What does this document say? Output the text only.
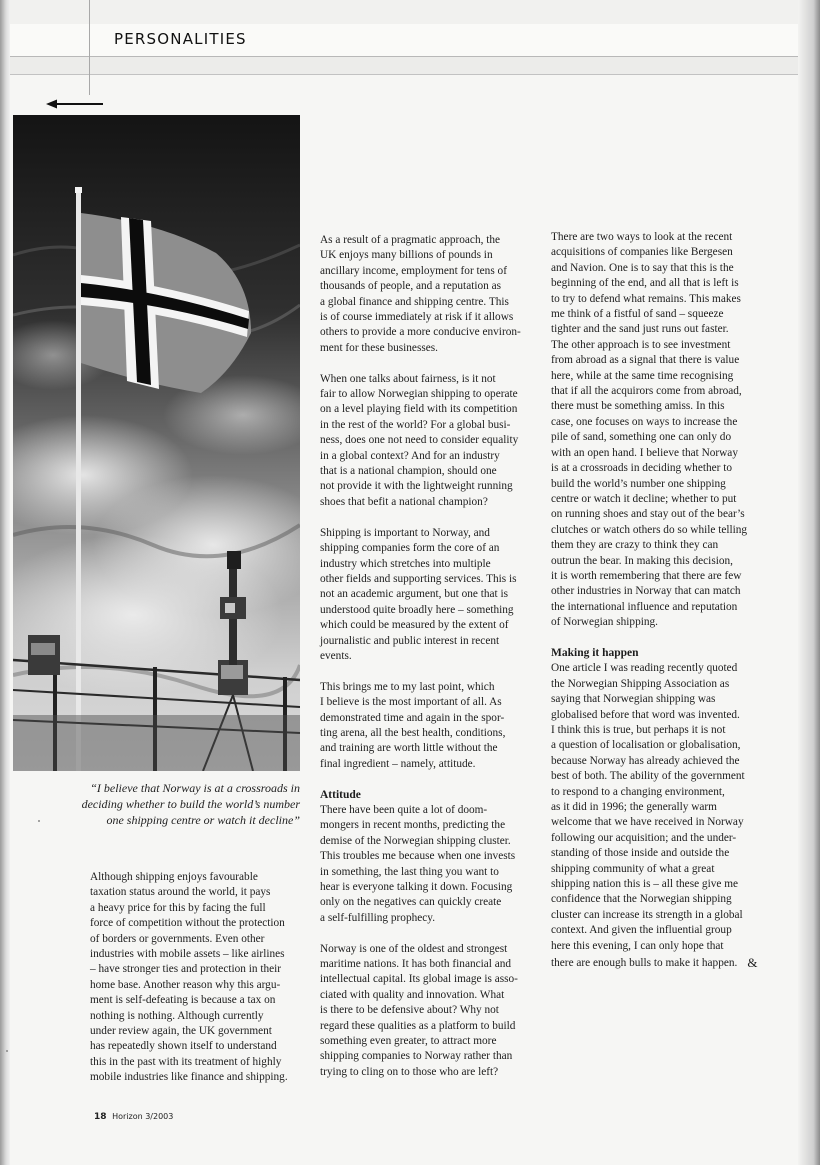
PERSONALITIES
“I believe that Norway is at a crossroads in deciding whether to build the world’s number one shipping centre or watch it decline”

Although shipping enjoys favourable
taxation status around the world, it pays
a heavy price for this by facing the full
force of competition without the protection
of borders or governments. Even other
industries with mobile assets – like airlines
– have stronger ties and protection in their
home base. Another reason why this argu-
ment is self-defeating is because a tax on
nothing is nothing. Although currently
under review again, the UK government
has repeatedly shown itself to understand
this in the past with its treatment of highly
mobile industries like finance and shipping.

As a result of a pragmatic approach, the
UK enjoys many billions of pounds in
ancillary income, employment for tens of
thousands of people, and a reputation as
a global finance and shipping centre. This
is of course immediately at risk if it allows
others to provide a more conducive environ-
ment for these businesses.

When one talks about fairness, is it not
fair to allow Norwegian shipping to operate
on a level playing field with its competition
in the rest of the world? For a global busi-
ness, does one not need to consider equality
in a global context? And for an industry
that is a national champion, should one
not provide it with the lightweight running
shoes that befit a national champion?

Shipping is important to Norway, and
shipping companies form the core of an
industry which stretches into multiple
other fields and supporting services. This is
not an academic argument, but one that is
understood quite broadly here – something
which could be measured by the extent of
journalistic and public interest in recent
events.

This brings me to my last point, which
I believe is the most important of all. As
demonstrated time and again in the spor-
ting arena, all the best health, conditions,
and training are worth little without the
final ingredient – namely, attitude.

Attitude

There have been quite a lot of doom-
mongers in recent months, predicting the
demise of the Norwegian shipping cluster.
This troubles me because when one invests
in something, the last thing you want to
hear is everyone talking it down. Focusing
only on the negatives can quickly create
a self-fulfilling prophecy.

Norway is one of the oldest and strongest
maritime nations. It has both financial and
intellectual capital. Its global image is asso-
ciated with quality and innovation. What
is there to be defensive about? Why not
regard these qualities as a platform to build
something even greater, to attract more
shipping companies to Norway rather than
trying to cling on to those who are left?

There are two ways to look at the recent
acquisitions of companies like Bergesen
and Navion. One is to say that this is the
beginning of the end, and all that is left is
to try to defend what remains. This makes
me think of a fistful of sand – squeeze
tighter and the sand just runs out faster.
The other approach is to see investment
from abroad as a signal that there is value
here, while at the same time recognising
that if all the acquirors come from abroad,
there must be something amiss. In this
case, one focuses on ways to increase the
pile of sand, something one can only do
with an open hand. I believe that Norway
is at a crossroads in deciding whether to
build the world’s number one shipping
centre or watch it decline; whether to put
on running shoes and stay out of the bear’s
clutches or watch others do so while telling
them they are crazy to think they can
outrun the bear. In making this decision,
it is worth remembering that there are few
other industries in Norway that can match
the international influence and reputation
of Norwegian shipping.

Making it happen

One article I was reading recently quoted
the Norwegian Shipping Association as
saying that Norwegian shipping was
globalised before that word was invented.
I think this is true, but perhaps it is not
a question of localisation or globalisation,
because Norway has already achieved the
best of both. The ability of the government
to respond to a changing environment,
as it did in 1996; the generally warm
welcome that we have received in Norway
following our acquisition; and the under-
standing of those inside and outside the
shipping community of what a great
shipping nation this is – all these give me
confidence that the Norwegian shipping
cluster can increase its strength in a global
context. And given the influential group
here this evening, I can only hope that
there are enough bulls to make it happen. &

18 Horizon 3/2003
